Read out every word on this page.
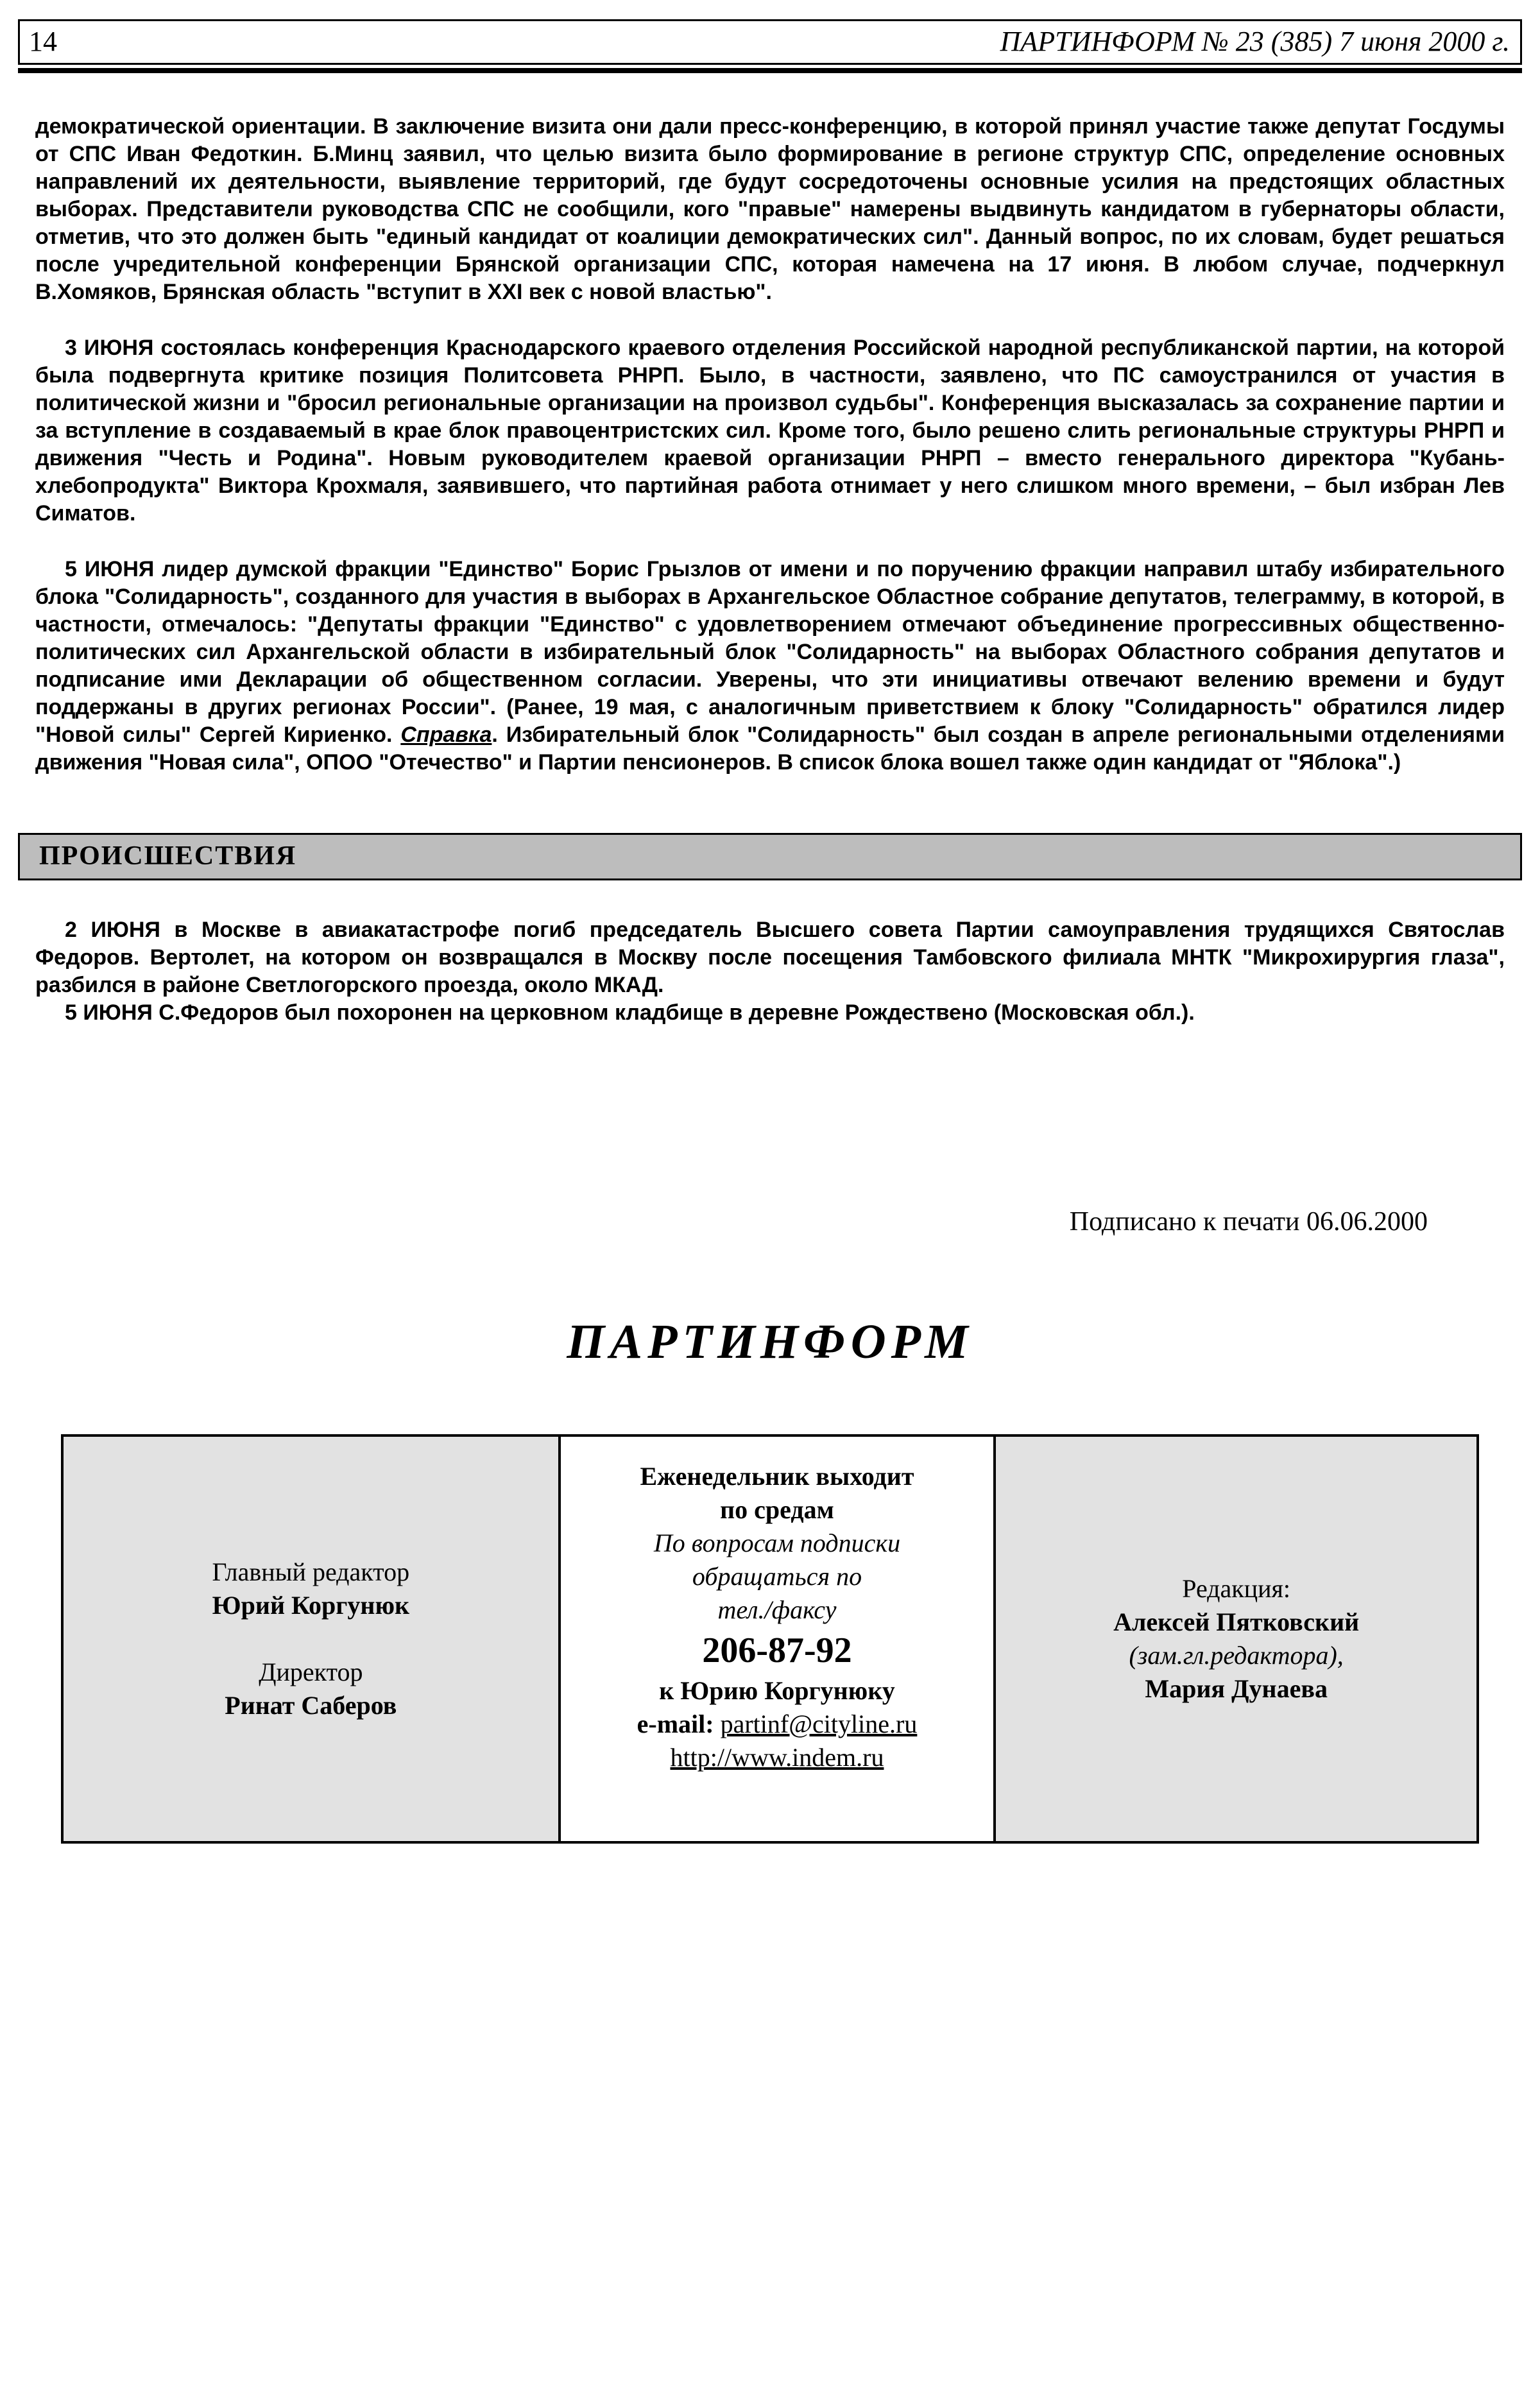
14	ПАРТИНФОРМ № 23 (385) 7 июня 2000 г.

демократической ориентации. В заключение визита они дали пресс-конференцию, в которой принял участие также депутат Госдумы от СПС Иван Федоткин. Б.Минц заявил, что целью визита было формирование в регионе структур СПС, определение основных направлений их деятельности, выявление территорий, где будут сосредоточены основные усилия на предстоящих областных выборах. Представители руководства СПС не сообщили, кого "правые" намерены выдвинуть кандидатом в губернаторы области, отметив, что это должен быть "единый кандидат от коалиции демократических сил". Данный вопрос, по их словам, будет решаться после учредительной конференции Брянской организации СПС, которая намечена на 17 июня. В любом случае, подчеркнул В.Хомяков, Брянская область "вступит в XXI век с новой властью".

3 ИЮНЯ состоялась конференция Краснодарского краевого отделения Российской народной республиканской партии, на которой была подвергнута критике позиция Политсовета РНРП. Было, в частности, заявлено, что ПС самоустранился от участия в политической жизни и "бросил региональные организации на произвол судьбы". Конференция высказалась за сохранение партии и за вступление в создаваемый в крае блок правоцентристских сил. Кроме того, было решено слить региональные структуры РНРП и движения "Честь и Родина". Новым руководителем краевой организации РНРП – вместо генерального директора "Кубань-хлебопродукта" Виктора Крохмаля, заявившего, что партийная работа отнимает у него слишком много времени, – был избран Лев Симатов.

5 ИЮНЯ лидер думской фракции "Единство" Борис Грызлов от имени и по поручению фракции направил штабу избирательного блока "Солидарность", созданного для участия в выборах в Архангельское Областное собрание депутатов, телеграмму, в которой, в частности, отмечалось: "Депутаты фракции "Единство" с удовлетворением отмечают объединение прогрессивных общественно-политических сил Архангельской области в избирательный блок "Солидарность" на выборах Областного собрания депутатов и подписание ими Декларации об общественном согласии. Уверены, что эти инициативы отвечают велению времени и будут поддержаны в других регионах России". (Ранее, 19 мая, с аналогичным приветствием к блоку "Солидарность" обратился лидер "Новой силы" Сергей Кириенко. Справка. Избирательный блок "Солидарность" был создан в апреле региональными отделениями движения "Новая сила", ОПОО "Отечество" и Партии пенсионеров. В список блока вошел также один кандидат от "Яблока".)

ПРОИСШЕСТВИЯ

2 ИЮНЯ в Москве в авиакатастрофе погиб председатель Высшего совета Партии самоуправления трудящихся Святослав Федоров. Вертолет, на котором он возвращался в Москву после посещения Тамбовского филиала МНТК "Микрохирургия глаза", разбился в районе Светлогорского проезда, около МКАД.

5 ИЮНЯ С.Федоров был похоронен на церковном кладбище в деревне Рождествено (Московская обл.).

Подписано к печати 06.06.2000
ПАРТИНФОРМ
Главный редактор
Юрий Коргунюк
Директор
Ринат Саберов
Еженедельник выходит
по средам
По вопросам подписки
обращаться по
тел./факсу
206-87-92
к Юрию Коргунюку
e-mail: partinf@cityline.ru
http://www.indem.ru
Редакция:
Алексей Пятковский
(зам.гл.редактора),
Мария Дунаева
